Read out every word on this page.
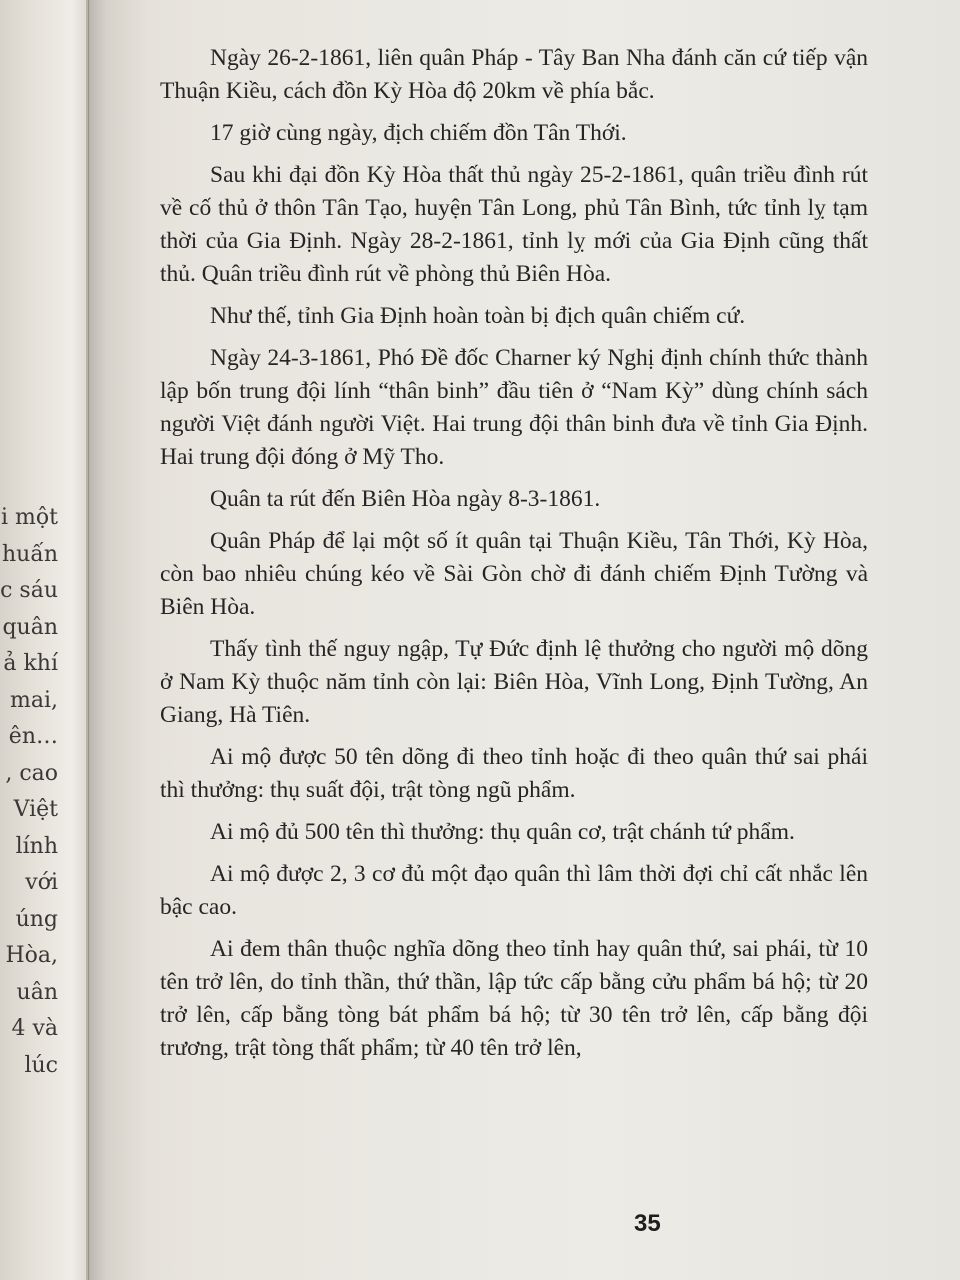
i một
huấn
c sáu
quân
ả khí
mai,
ên…
, cao
Việt
lính
với
úng
Hòa,
uân
4 và
lúc

Ngày 26-2-1861, liên quân Pháp - Tây Ban Nha đánh căn cứ tiếp vận Thuận Kiều, cách đồn Kỳ Hòa độ 20km về phía bắc.

17 giờ cùng ngày, địch chiếm đồn Tân Thới.

Sau khi đại đồn Kỳ Hòa thất thủ ngày 25-2-1861, quân triều đình rút về cố thủ ở thôn Tân Tạo, huyện Tân Long, phủ Tân Bình, tức tỉnh lỵ tạm thời của Gia Định. Ngày 28-2-1861, tỉnh lỵ mới của Gia Định cũng thất thủ. Quân triều đình rút về phòng thủ Biên Hòa.

Như thế, tỉnh Gia Định hoàn toàn bị địch quân chiếm cứ.

Ngày 24-3-1861, Phó Đề đốc Charner ký Nghị định chính thức thành lập bốn trung đội lính “thân binh” đầu tiên ở “Nam Kỳ” dùng chính sách người Việt đánh người Việt. Hai trung đội thân binh đưa về tỉnh Gia Định. Hai trung đội đóng ở Mỹ Tho.

Quân ta rút đến Biên Hòa ngày 8-3-1861.

Quân Pháp để lại một số ít quân tại Thuận Kiều, Tân Thới, Kỳ Hòa, còn bao nhiêu chúng kéo về Sài Gòn chờ đi đánh chiếm Định Tường và Biên Hòa.

Thấy tình thế nguy ngập, Tự Đức định lệ thưởng cho người mộ dõng ở Nam Kỳ thuộc năm tỉnh còn lại: Biên Hòa, Vĩnh Long, Định Tường, An Giang, Hà Tiên.

Ai mộ được 50 tên dõng đi theo tỉnh hoặc đi theo quân thứ sai phái thì thưởng: thụ suất đội, trật tòng ngũ phẩm.

Ai mộ đủ 500 tên thì thưởng: thụ quân cơ, trật chánh tứ phẩm.

Ai mộ được 2, 3 cơ đủ một đạo quân thì lâm thời đợi chỉ cất nhắc lên bậc cao.

Ai đem thân thuộc nghĩa dõng theo tỉnh hay quân thứ, sai phái, từ 10 tên trở lên, do tỉnh thần, thứ thần, lập tức cấp bằng cửu phẩm bá hộ; từ 20 trở lên, cấp bằng tòng bát phẩm bá hộ; từ 30 tên trở lên, cấp bằng đội trương, trật tòng thất phẩm; từ 40 tên trở lên,

35
